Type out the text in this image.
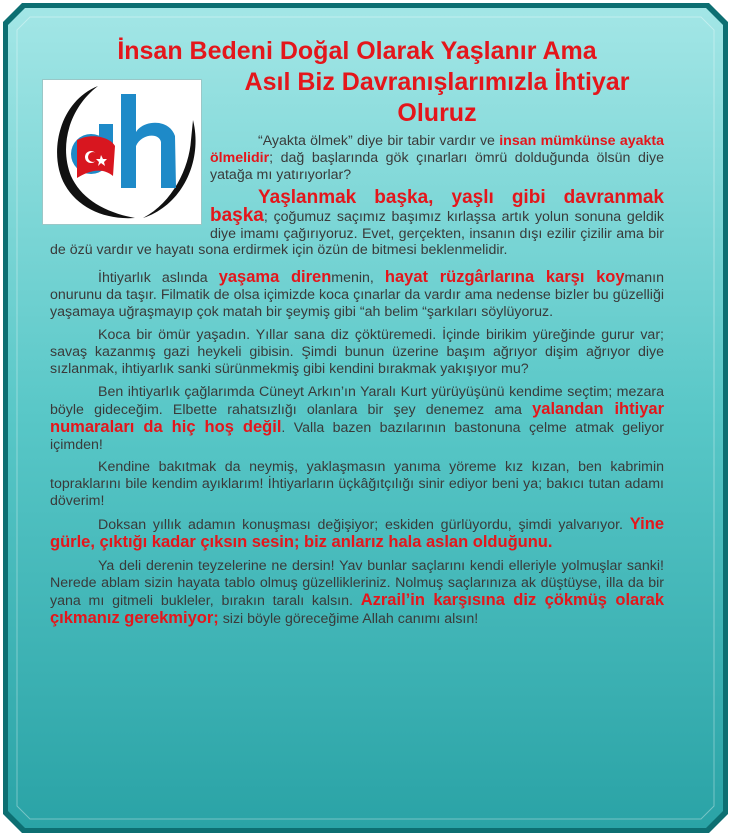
İnsan Bedeni Doğal Olarak Yaşlanır Ama
Asıl Biz Davranışlarımızla İhtiyar
Oluruz

“Ayakta ölmek” diye bir tabir vardır ve insan mümkünse ayakta ölmelidir; dağ başlarında gök çınarları ömrü dolduğunda ölsün diye yatağa mı yatırıyorlar?

Yaşlanmak başka, yaşlı gibi davranmak başka; çoğumuz saçımız başımız kırlaşsa artık yolun sonuna geldik diye imamı çağırıyoruz. Evet, gerçekten, insanın dışı ezilir çizilir ama bir de özü vardır ve hayatı sona erdirmek için özün de bitmesi beklenmelidir.

İhtiyarlık aslında yaşama direnmenin, hayat rüzgârlarına karşı koymanın onurunu da taşır. Filmatik de olsa içimizde koca çınarlar da vardır ama nedense bizler bu güzelliği yaşamaya uğraşmayıp çok matah bir şeymiş gibi “ah belim “şarkıları söylüyoruz.

Koca bir ömür yaşadın. Yıllar sana diz çöktüremedi. İçinde birikim yüreğinde gurur var; savaş kazanmış gazi heykeli gibisin. Şimdi bunun üzerine başım ağrıyor dişim ağrıyor diye sızlanmak, ihtiyarlık sanki sürünmekmiş gibi kendini bırakmak yakışıyor mu?

Ben ihtiyarlık çağlarımda Cüneyt Arkın’ın Yaralı Kurt yürüyüşünü kendime seçtim; mezara böyle gideceğim. Elbette rahatsızlığı olanlara bir şey denemez ama yalandan ihtiyar numaraları da hiç hoş değil. Valla bazen bazılarının bastonuna çelme atmak geliyor içimden!

Kendine bakıtmak da neymiş, yaklaşmasın yanıma yöreme kız kızan, ben kabrimin topraklarını bile kendim ayıklarım! İhtiyarların üçkâğıtçılığı sinir ediyor beni ya; bakıcı tutan adamı döverim!

Doksan yıllık adamın konuşması değişiyor; eskiden gürlüyordu, şimdi yalvarıyor. Yine gürle, çıktığı kadar çıksın sesin; biz anlarız hala aslan olduğunu.

Ya deli derenin teyzelerine ne dersin! Yav bunlar saçlarını kendi elleriyle yolmuşlar sanki! Nerede ablam sizin hayata tablo olmuş güzellikleriniz. Nolmuş saçlarınıza ak düştüyse, illa da bir yana mı gitmeli bukleler, bırakın taralı kalsın. Azrail’in karşısına diz çökmüş olarak çıkmanız gerekmiyor; sizi böyle göreceğime Allah canımı alsın!
